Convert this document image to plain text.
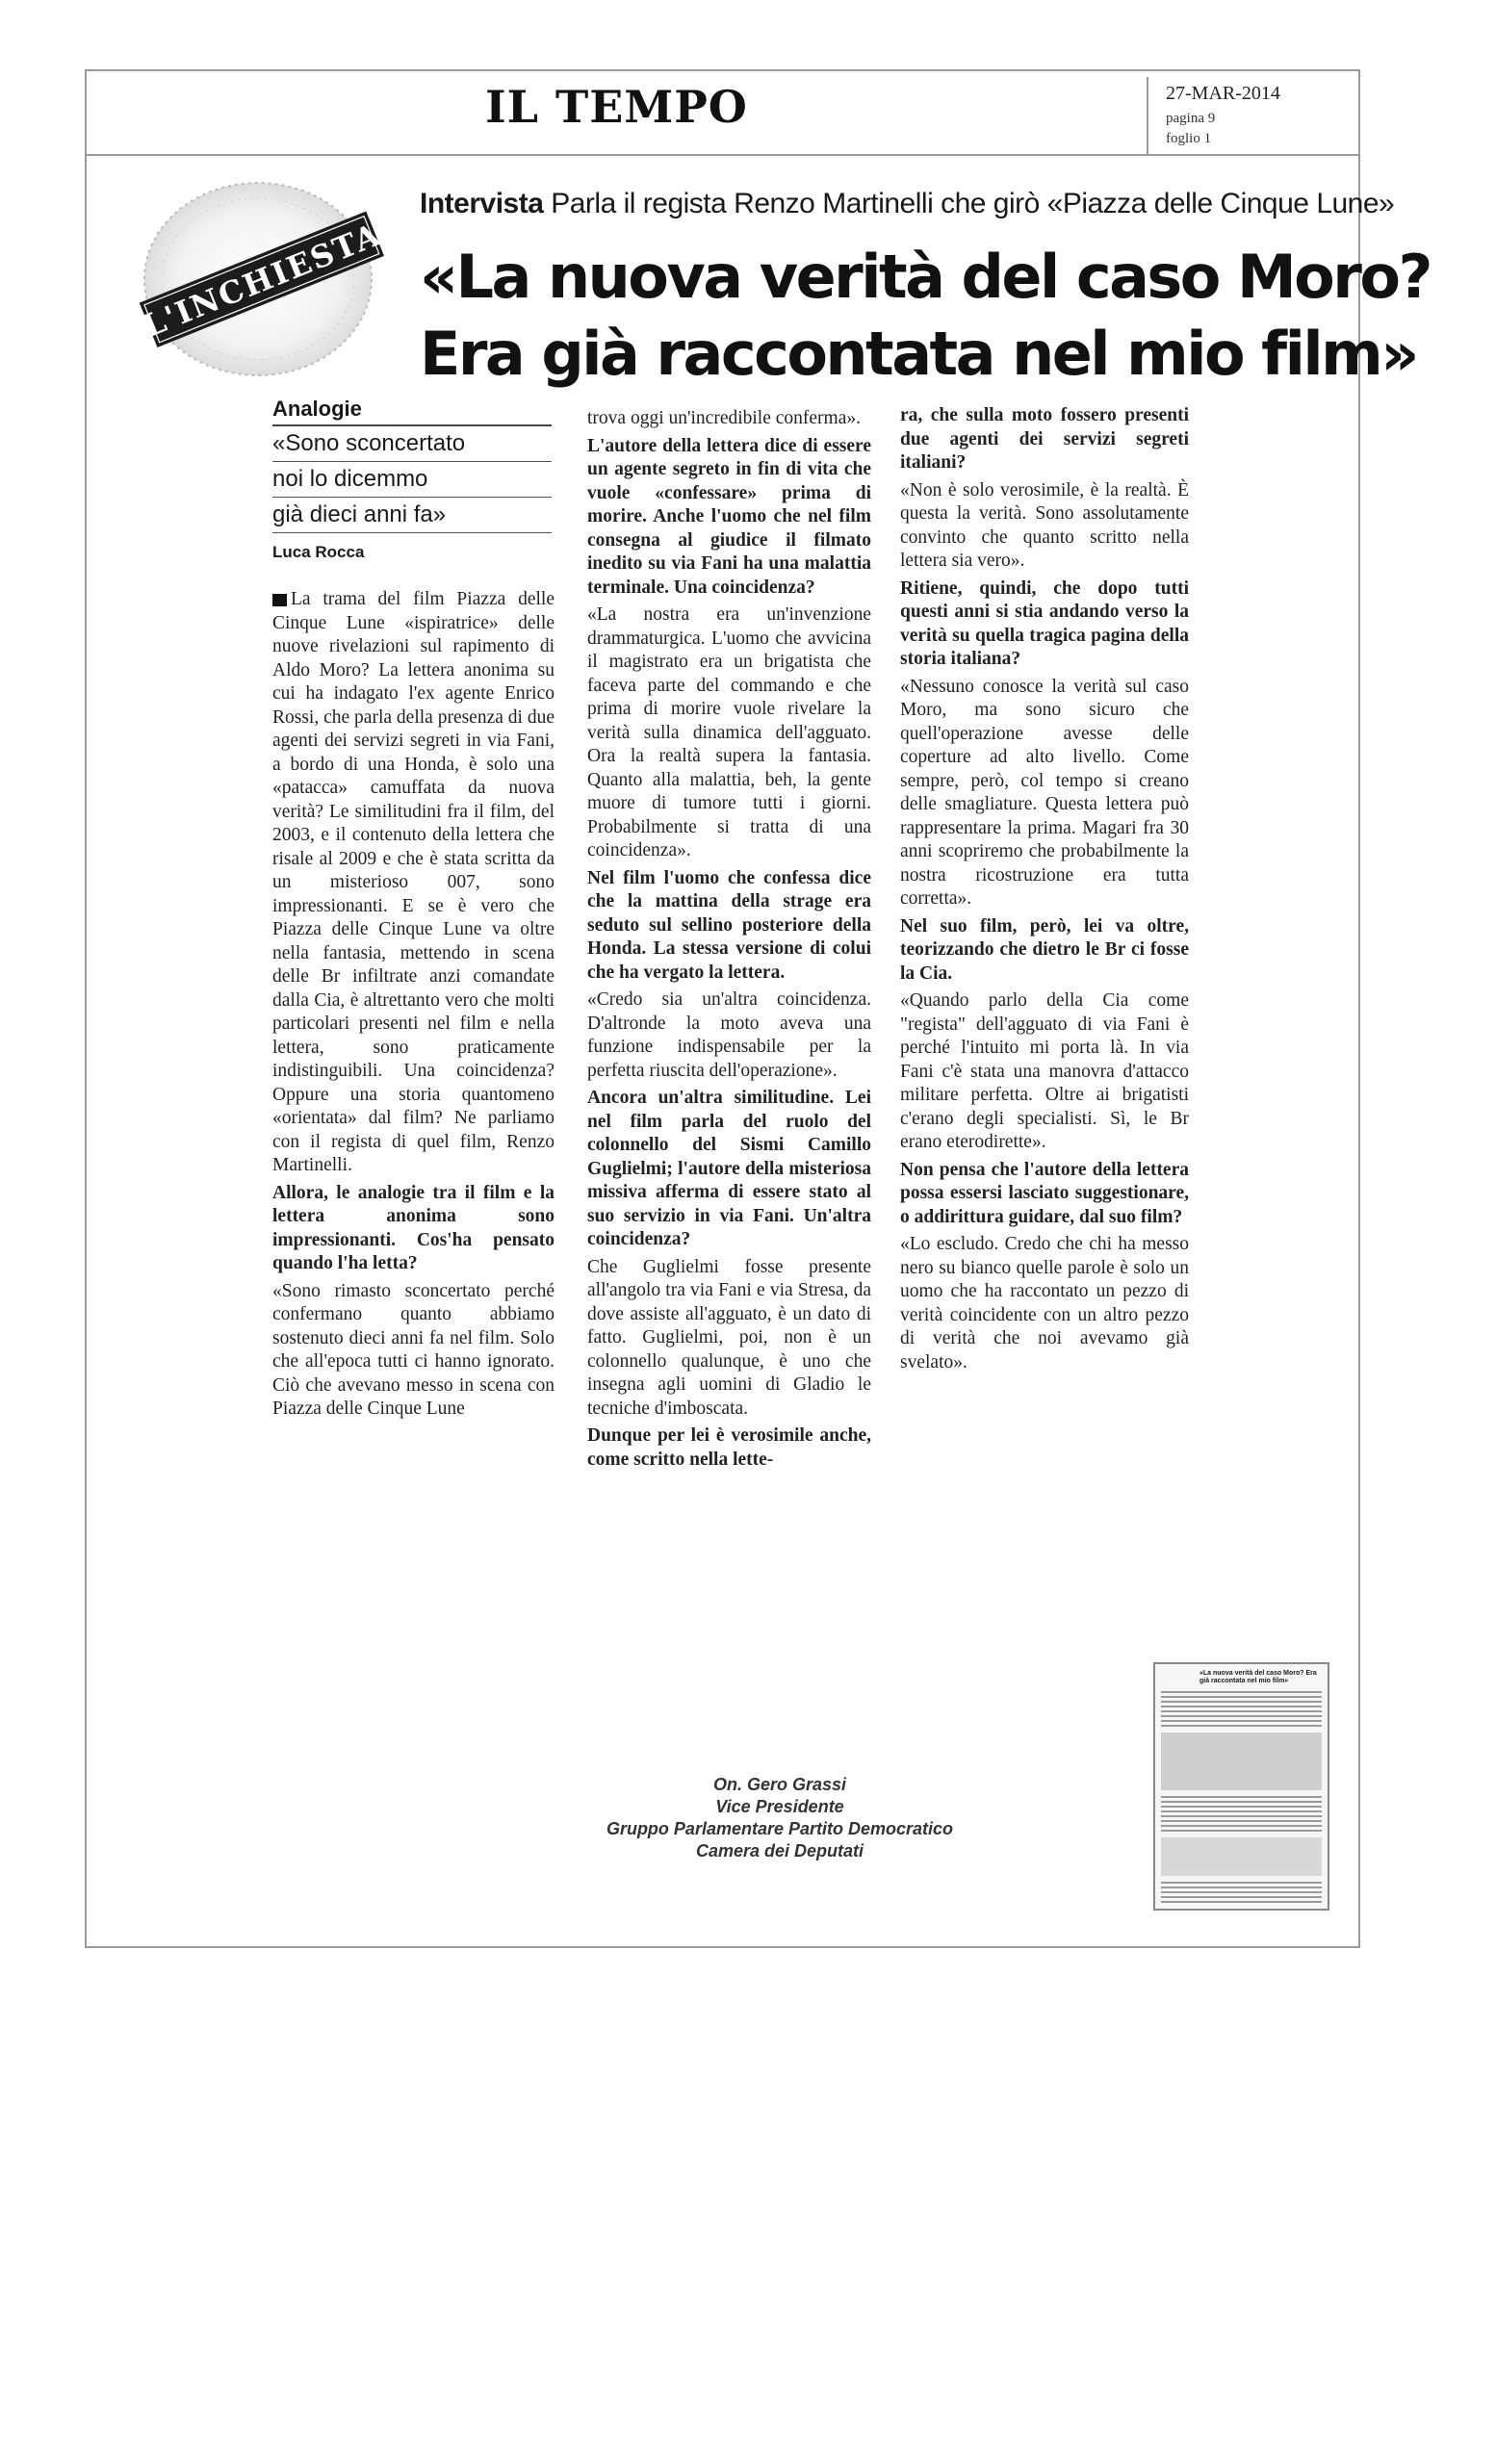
IL TEMPO	27-MAR-2014
pagina 9
foglio 1
L'INCHIESTA
Intervista Parla il regista Renzo Martinelli che girò «Piazza delle Cinque Lune»
«La nuova verità del caso Moro?
Era già raccontata nel mio film»
Analogie
«Sono sconcertato
noi lo dicemmo
già dieci anni fa»
Luca Rocca

La trama del film Piazza delle Cinque Lune «ispiratrice» delle nuove rivelazioni sul rapimento di Aldo Moro? La lettera anonima su cui ha indagato l'ex agente Enrico Rossi, che parla della presenza di due agenti dei servizi segreti in via Fani, a bordo di una Honda, è solo una «patacca» camuffata da nuova verità? Le similitudini fra il film, del 2003, e il contenuto della lettera che risale al 2009 e che è stata scritta da un misterioso 007, sono impressionanti. E se è vero che Piazza delle Cinque Lune va oltre nella fantasia, mettendo in scena delle Br infiltrate anzi comandate dalla Cia, è altrettanto vero che molti particolari presenti nel film e nella lettera, sono praticamente indistinguibili. Una coincidenza? Oppure una storia quantomeno «orientata» dal film? Ne parliamo con il regista di quel film, Renzo Martinelli.

Allora, le analogie tra il film e la lettera anonima sono impressionanti. Cos'ha pensato quando l'ha letta?

«Sono rimasto sconcertato perché confermano quanto abbiamo sostenuto dieci anni fa nel film. Solo che all'epoca tutti ci hanno ignorato. Ciò che avevano messo in scena con Piazza delle Cinque Lune

trova oggi un'incredibile conferma».

L'autore della lettera dice di essere un agente segreto in fin di vita che vuole «confessare» prima di morire. Anche l'uomo che nel film consegna al giudice il filmato inedito su via Fani ha una malattia terminale. Una coincidenza?

«La nostra era un'invenzione drammaturgica. L'uomo che avvicina il magistrato era un brigatista che faceva parte del commando e che prima di morire vuole rivelare la verità sulla dinamica dell'agguato. Ora la realtà supera la fantasia. Quanto alla malattia, beh, la gente muore di tumore tutti i giorni. Probabilmente si tratta di una coincidenza».

Nel film l'uomo che confessa dice che la mattina della strage era seduto sul sellino posteriore della Honda. La stessa versione di colui che ha vergato la lettera.

«Credo sia un'altra coincidenza. D'altronde la moto aveva una funzione indispensabile per la perfetta riuscita dell'operazione».

Ancora un'altra similitudine. Lei nel film parla del ruolo del colonnello del Sismi Camillo Guglielmi; l'autore della misteriosa missiva afferma di essere stato al suo servizio in via Fani. Un'altra coincidenza?

Che Guglielmi fosse presente all'angolo tra via Fani e via Stresa, da dove assiste all'agguato, è un dato di fatto. Guglielmi, poi, non è un colonnello qualunque, è uno che insegna agli uomini di Gladio le tecniche d'imboscata.

Dunque per lei è verosimile anche, come scritto nella lette-

ra, che sulla moto fossero presenti due agenti dei servizi segreti italiani?

«Non è solo verosimile, è la realtà. È questa la verità. Sono assolutamente convinto che quanto scritto nella lettera sia vero».

Ritiene, quindi, che dopo tutti questi anni si stia andando verso la verità su quella tragica pagina della storia italiana?

«Nessuno conosce la verità sul caso Moro, ma sono sicuro che quell'operazione avesse delle coperture ad alto livello. Come sempre, però, col tempo si creano delle smagliature. Questa lettera può rappresentare la prima. Magari fra 30 anni scopriremo che probabilmente la nostra ricostruzione era tutta corretta».

Nel suo film, però, lei va oltre, teorizzando che dietro le Br ci fosse la Cia.

«Quando parlo della Cia come "regista" dell'agguato di via Fani è perché l'intuito mi porta là. In via Fani c'è stata una manovra d'attacco militare perfetta. Oltre ai brigatisti c'erano degli specialisti. Sì, le Br erano eterodirette».

Non pensa che l'autore della lettera possa essersi lasciato suggestionare, o addirittura guidare, dal suo film?

«Lo escludo. Credo che chi ha messo nero su bianco quelle parole è solo un uomo che ha raccontato un pezzo di verità coincidente con un altro pezzo di verità che noi avevamo già svelato».

On. Gero Grassi
Vice Presidente
Gruppo Parlamentare Partito Democratico
Camera dei Deputati
«La nuova verità del caso Moro? Era già raccontata nel mio film»
